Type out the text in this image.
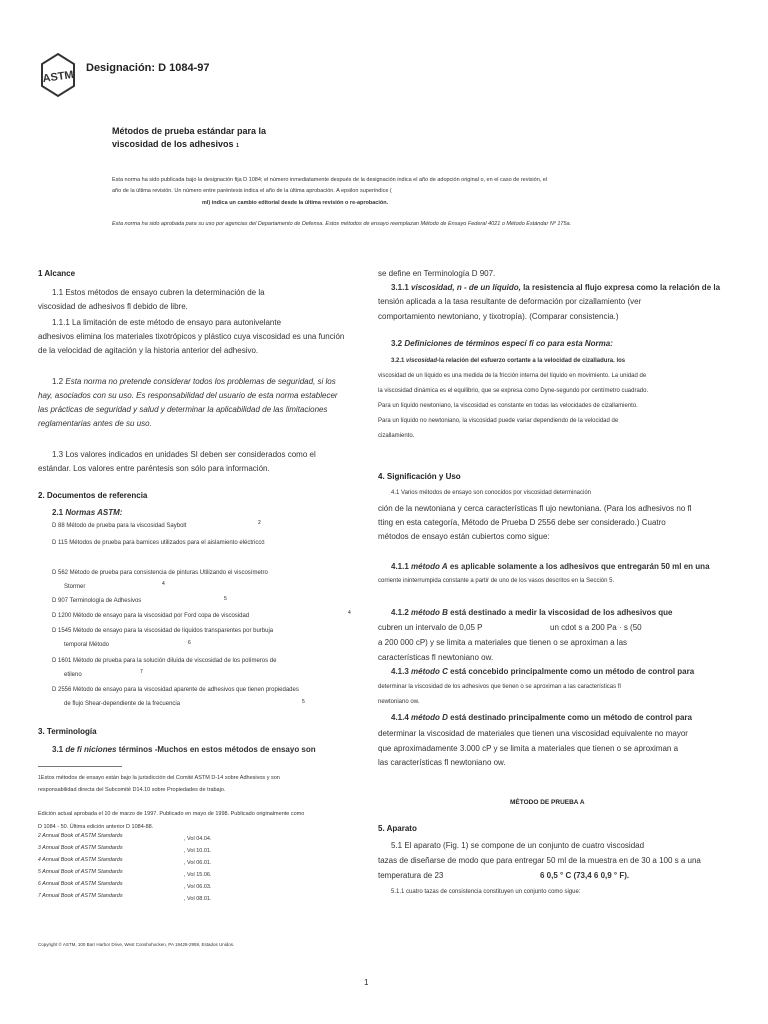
ASTM
Designación: D 1084-97
Métodos de prueba estándar para la
viscosidad de los adhesivos 1
Esta norma ha sido publicada bajo la designación fija D 1084; el número inmediatamente después de la designación indica el año de adopción original o, en el caso de revisión, el
año de la última revisión. Un número entre paréntesis indica el año de la última aprobación. A epsilon superíndice (
ml) indica un cambio editorial desde la última revisión o re-aprobación.
Esta norma ha sido aprobada para su uso por agencias del Departamento de Defensa. Estos métodos de ensayo reemplazan Método de Ensayo Federal 4021 o Método Estándar Nº 175a.
1 Alcance
1.1 Estos métodos de ensayo cubren la determinación de la
viscosidad de adhesivos fl debido de libre.
1.1.1 La limitación de este método de ensayo para autonivelante
adhesivos elimina los materiales tixotrópicos y plástico cuya viscosidad es una función
de la velocidad de agitación y la historia anterior del adhesivo.
1.2 Esta norma no pretende considerar todos los problemas de seguridad, si los
hay, asociados con su uso. Es responsabilidad del usuario de esta norma establecer
las prácticas de seguridad y salud y determinar la aplicabilidad de las limitaciones
reglamentarias antes de su uso.
1.3 Los valores indicados en unidades SI deben ser considerados como el
estándar. Los valores entre paréntesis son sólo para información.
2. Documentos de referencia
2.1 Normas ASTM:
D 88 Método de prueba para la viscosidad Saybolt	2
D 115 Métodos de prueba para barnices utilizados para el aislamiento eléctrico3
D 562 Método de prueba para consistencia de pinturas Utilizando el viscosímetro
Stormer	4
D 907 Terminología de Adhesivos	5
D 1200 Método de ensayo para la viscosidad por Ford copa de viscosidad	4
D 1545 Método de ensayo para la viscosidad de líquidos transparentes por burbuja
temporal Método	6
D 1601 Método de prueba para la solución diluida de viscosidad de los polímeros de
etileno	7
D 2556 Método de ensayo para la viscosidad aparente de adhesivos que tienen propiedades
de flujo Shear-dependiente de la frecuencia	5
3. Terminología
3.1 de fi niciones términos -Muchos en estos métodos de ensayo son
1Estos métodos de ensayo están bajo la jurisdicción del Comité ASTM D-14 sobre Adhesivos y son
responsabilidad directa del Subcomité D14.10 sobre Propiedades de trabajo.
Edición actual aprobada el 10 de marzo de 1997. Publicado en mayo de 1998. Publicado originalmente como
D 1084 - 50. Última edición anterior D 1084-88.
2 Annual Book of ASTM Standards	, Vol 04.04.
3 Annual Book of ASTM Standards	, Vol 10.01.
4 Annual Book of ASTM Standards	, Vol 06.01.
5 Annual Book of ASTM Standards	, Vol 15.06.
6 Annual Book of ASTM Standards	, Vol 06.03.
7 Annual Book of ASTM Standards	, Vol 08.01.
se define en Terminología D 907.
3.1.1 viscosidad, n - de un líquido, la resistencia al flujo expresa como la relación de la
tensión aplicada a la tasa resultante de deformación por cizallamiento (ver
comportamiento newtoniano, y tixotropía). (Comparar consistencia.)
3.2 Definiciones de términos especí fi co para esta Norma:
3.2.1 viscosidad-la relación del esfuerzo cortante a la velocidad de cizalladura. los
viscosidad de un líquido es una medida de la fricción interna del líquido en movimiento. La unidad de
la viscosidad dinámica es el equilibrio, que se expresa como Dyne-segundo por centímetro cuadrado.
Para un líquido newtoniano, la viscosidad es constante en todas las velocidades de cizallamiento.
Para un líquido no newtoniano, la viscosidad puede variar dependiendo de la velocidad de
cizallamiento.
4. Significación y Uso
4.1 Varios métodos de ensayo son conocidos por viscosidad determinación
ción de la newtoniana y cerca características fl ujo newtoniana. (Para los adhesivos no fl
tting en esta categoría, Método de Prueba D 2556 debe ser considerado.) Cuatro
métodos de ensayo están cubiertos como sigue:
4.1.1 método A es aplicable solamente a los adhesivos que entregarán 50 ml en una
corriente ininterrumpida constante a partir de uno de los vasos descritos en la Sección 5.
4.1.2 método B está destinado a medir la viscosidad de los adhesivos que
cubren un intervalo de 0,05 P	un cdot s a 200 Pa · s (50
a 200 000 cP) y se limita a materiales que tienen o se aproximan a las
características fl newtoniano ow.
4.1.3 método C está concebido principalmente como un método de control para
determinar la viscosidad de los adhesivos que tienen o se aproximan a las características fl
newtoniano ow.
4.1.4 método D está destinado principalmente como un método de control para
determinar la viscosidad de materiales que tienen una viscosidad equivalente no mayor
que aproximadamente 3.000 cP y se limita a materiales que tienen o se aproximan a
las características fl newtoniano ow.
MÉTODO DE PRUEBA A
5. Aparato
5.1 El aparato (Fig. 1) se compone de un conjunto de cuatro viscosidad
tazas de diseñarse de modo que para entregar 50 ml de la muestra en de 30 a 100 s a una
temperatura de 23	6 0,5 ° C (73,4 6 0,9 ° F).
5.1.1 cuatro tazas de consistencia constituyen un conjunto como sigue:
Copyright © ASTM, 100 Barr Harbor Drive, West Conshohocken, PA 19428-2959, Estados Unidos.
1
